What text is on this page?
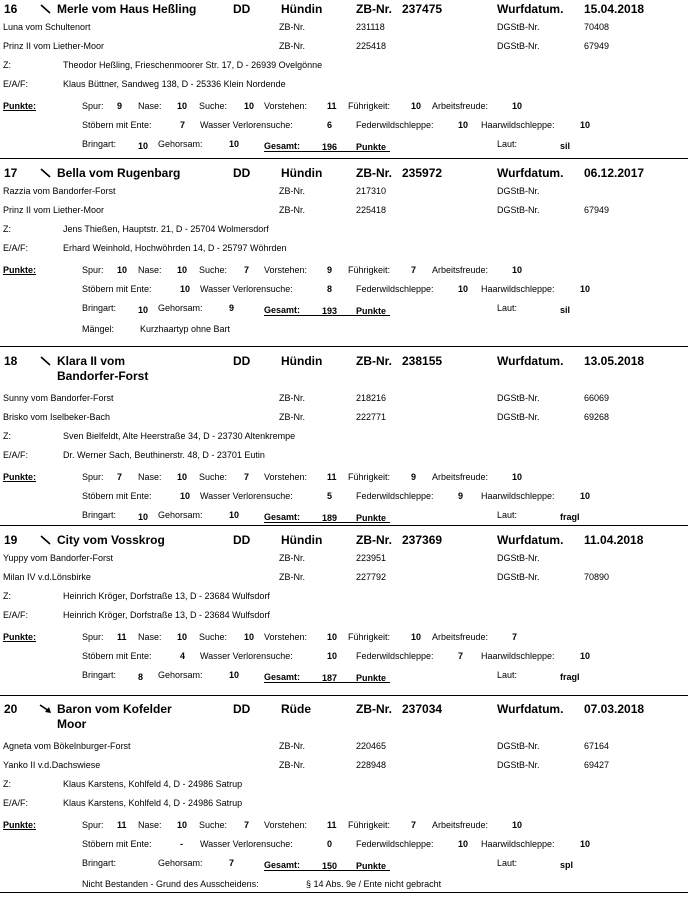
16	Merle vom Haus Heßling	DD	Hündin	ZB-Nr. 237475	Wurfdatum. 15.04.2018
Luna vom Schultenort	ZB-Nr.	231118	DGStB-Nr.	70408
Prinz II vom Liether-Moor	ZB-Nr.	225418	DGStB-Nr.	67949
Z:	Theodor Heßling, Frieschenmoorer Str. 17, D - 26939 Ovelgönne
E/A/F:	Klaus Büttner, Sandweg 138, D - 25336 Klein Nordende
Punkte:	Spur: 9 Nase: 10 Suche: 10 Vorstehen: 11 Führigkeit: 10 Arbeitsfreude:	10
Stöbern mit Ente:	7 Wasser Verlorensuche:	6	Federwildschleppe:	10 Haarwildschleppe:	10
Bringart: 10 Gehorsam:	10	Gesamt: 196 Punkte	Laut:	sil
17	Bella vom Rugenbarg	DD	Hündin	ZB-Nr. 235972	Wurfdatum. 06.12.2017
Razzia vom Bandorfer-Forst	ZB-Nr.	217310	DGStB-Nr.
Prinz II vom Liether-Moor	ZB-Nr.	225418	DGStB-Nr.	67949
Z:	Jens Thießen, Hauptstr. 21, D - 25704 Wolmersdorf
E/A/F:	Erhard Weinhold, Hochwöhrden 14, D - 25797 Wöhrden
Punkte:	Spur: 10 Nase: 10 Suche: 7 Vorstehen: 9 Führigkeit: 7 Arbeitsfreude:	10
Stöbern mit Ente:	10 Wasser Verlorensuche:	8	Federwildschleppe:	10 Haarwildschleppe:	10
Bringart: 10 Gehorsam:	9	Gesamt: 193 Punkte	Laut:	sil
Mängel:	Kurzhaartyp ohne Bart
18	Klara II vom
Bandorfer-Forst
DD	Hündin	ZB-Nr. 238155	Wurfdatum. 13.05.2018
Sunny vom Bandorfer-Forst	ZB-Nr.	218216	DGStB-Nr.	66069
Brisko vom Iselbeker-Bach	ZB-Nr.	222771	DGStB-Nr.	69268
Z:	Sven Bielfeldt, Alte Heerstraße 34, D - 23730 Altenkrempe
E/A/F:	Dr. Werner Sach, Beuthinerstr. 48, D - 23701 Eutin
Punkte:	Spur: 7 Nase: 10 Suche: 7 Vorstehen: 11 Führigkeit: 9 Arbeitsfreude:	10
Stöbern mit Ente:	10 Wasser Verlorensuche:	5	Federwildschleppe:	9 Haarwildschleppe:	10
Bringart: 10 Gehorsam:	10	Gesamt: 189 Punkte	Laut:	fragl
19	City vom Vosskrog	DD	Hündin	ZB-Nr. 237369	Wurfdatum. 11.04.2018
Yuppy vom Bandorfer-Forst	ZB-Nr.	223951	DGStB-Nr.
Milan IV v.d.Lönsbirke	ZB-Nr.	227792	DGStB-Nr.	70890
Z:	Heinrich Kröger, Dorfstraße 13, D - 23684 Wulfsdorf
E/A/F:	Heinrich Kröger, Dorfstraße 13, D - 23684 Wulfsdorf
Punkte:	Spur: 11 Nase: 10 Suche: 10 Vorstehen: 10 Führigkeit: 10 Arbeitsfreude:	7
Stöbern mit Ente:	4 Wasser Verlorensuche:	10 Federwildschleppe:	7 Haarwildschleppe:	10
Bringart: 8 Gehorsam:	10	Gesamt: 187 Punkte	Laut:	fragl
20	Baron vom Kofelder
Moor
DD	Rüde	ZB-Nr. 237034	Wurfdatum. 07.03.2018
Agneta vom Bökelnburger-Forst	ZB-Nr.	220465	DGStB-Nr.	67164
Yanko II v.d.Dachswiese	ZB-Nr.	228948	DGStB-Nr.	69427
Z:	Klaus Karstens, Kohlfeld 4, D - 24986 Satrup
E/A/F:	Klaus Karstens, Kohlfeld 4, D - 24986 Satrup
Punkte:	Spur: 11 Nase: 10 Suche: 7 Vorstehen: 11 Führigkeit: 7 Arbeitsfreude:	10
Stöbern mit Ente:	- Wasser Verlorensuche:	0	Federwildschleppe:	10 Haarwildschleppe:	10
Bringart:	Gehorsam:	7	Gesamt: 150 Punkte	Laut:	spl
Nicht Bestanden - Grund des Ausscheidens:	§ 14 Abs. 9e / Ente nicht gebracht
